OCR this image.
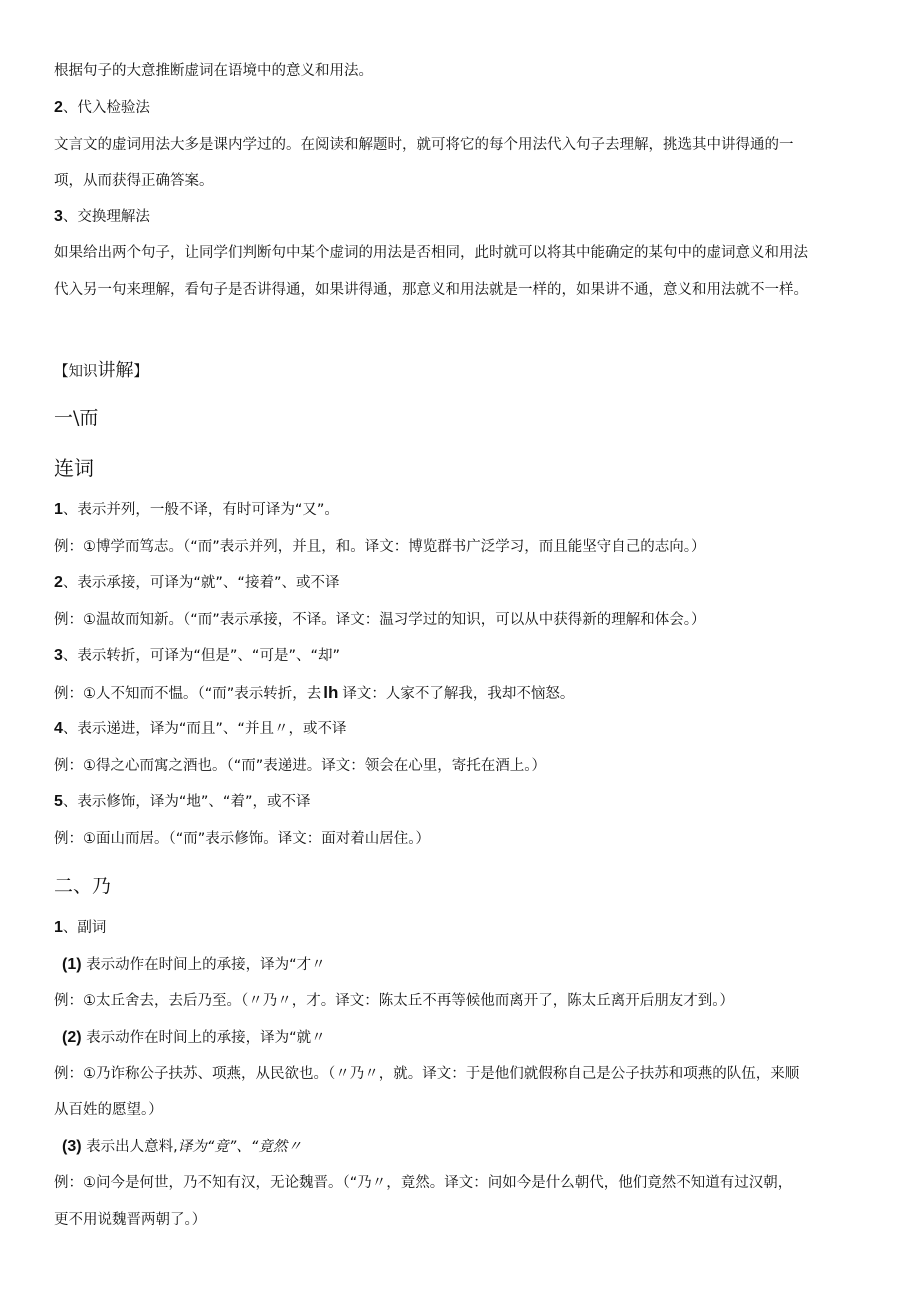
根据句子的大意推断虚词在语境中的意义和用法。
2、代入检验法
文言文的虚词用法大多是课内学过的。在阅读和解题时，就可将它的每个用法代入句子去理解，挑选其中讲得通的一
项，从而获得正确答案。
3、交换理解法
如果给出两个句子，让同学们判断句中某个虚词的用法是否相同，此时就可以将其中能确定的某句中的虚词意义和用法
代入另一句来理解，看句子是否讲得通，如果讲得通，那意义和用法就是一样的，如果讲不通，意义和用法就不一样。
【知识讲解】
一\而
连词
1、表示并列，一般不译，有时可译为“又”。
例：①博学而笃志。（“而”表示并列，并且，和。译文：博览群书广泛学习，而且能坚守自己的志向。）
2、表示承接，可译为“就”、“接着”、或不译
例：①温故而知新。（“而”表示承接，不译。译文：温习学过的知识，可以从中获得新的理解和体会。）
3、表示转折，可译为“但是”、“可是”、“却”
例：①人不知而不愠。（“而”表示转折，去 lh 译文：人家不了解我，我却不恼怒。
4、表示递进，译为“而且”、“并且〃，或不译
例：①得之心而寓之酒也。（“而”表递进。译文：领会在心里，寄托在酒上。）
5、表示修饰，译为“地”、“着”，或不译
例：①面山而居。（“而”表示修饰。译文：面对着山居住。）
二、乃
1、副词
(1) 表示动作在时间上的承接，译为“才〃
例：①太丘舍去，去后乃至。（〃乃〃，才。译文：陈太丘不再等候他而离开了，陈太丘离开后朋友才到。）
(2) 表示动作在时间上的承接，译为“就〃
例：①乃诈称公子扶苏、项燕，从民欲也。（〃乃〃，就。译文：于是他们就假称自己是公子扶苏和项燕的队伍，来顺
从百姓的愿望。）
(3) 表示出人意料,译为“竟”、“竟然〃
例：①问今是何世，乃不知有汉，无论魏晋。（“乃〃，竟然。译文：问如今是什么朝代，他们竟然不知道有过汉朝，
更不用说魏晋两朝了。）
